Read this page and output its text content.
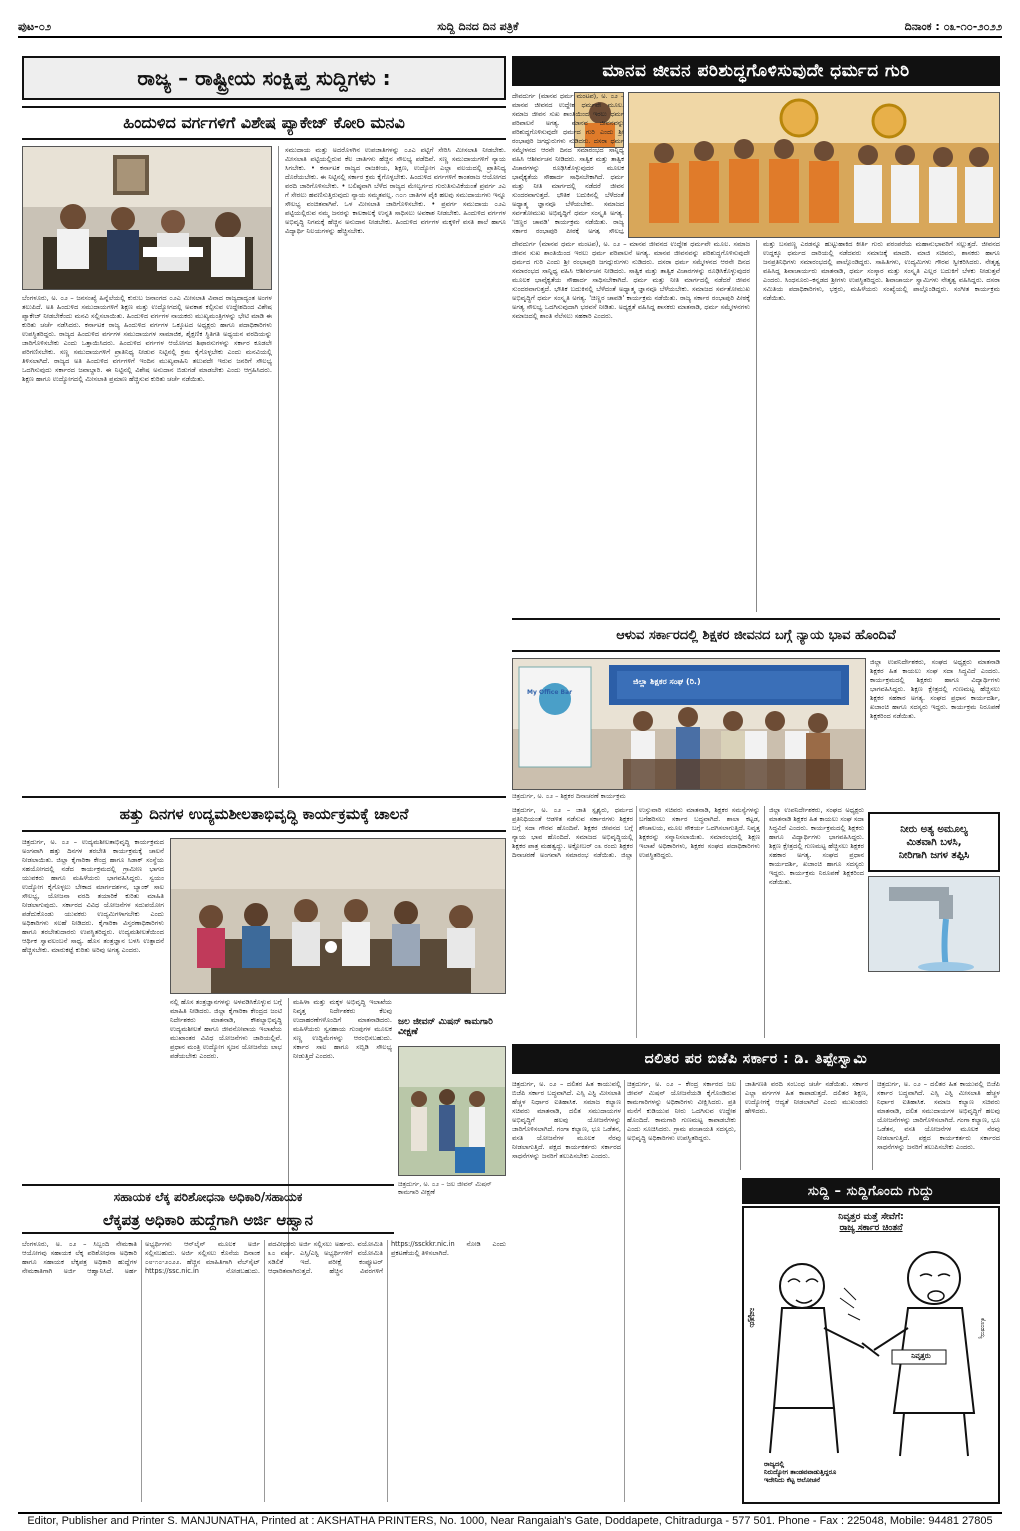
ಪುಟ-೦೨	ಸುದ್ದಿ ದಿನದ ದಿನ ಪತ್ರಿಕೆ	ದಿನಾಂಕ : ೦೩-೧೦-೨೦೨೨
ರಾಜ್ಯ – ರಾಷ್ಟ್ರೀಯ ಸಂಕ್ಷಿಪ್ತ ಸುದ್ದಿಗಳು :	ಮಾನವ ಜೀವನ ಪರಿಶುದ್ಧಗೊಳಿಸುವುದೇ ಧರ್ಮದ ಗುರಿ
ಹಿಂದುಳಿದ ವರ್ಗಗಳಿಗೆ ವಿಶೇಷ ಪ್ಯಾಕೇಜ್ ಕೋರಿ ಮನವಿ

ಬೆಂಗಳೂರು, ಅ. ೦೨ – ಜನಸಂಖ್ಯೆ ಹಿನ್ನೆಲೆಯಲ್ಲಿ ಕುರುಬ ಜನಾಂಗದ ೦೨ಎ ಮೀಸಲಾತಿ ವಿವಾದ ರಾಜ್ಯದಾದ್ಯಂತ ಅಂಗಳ ತಲುಪಿದೆ. ಅತಿ ಹಿಂದುಳಿದ ಸಮುದಾಯಗಳಿಗೆ ಶಿಕ್ಷಣ ಮತ್ತು ಉದ್ಯೋಗದಲ್ಲಿ ಅವಕಾಶ ಕಲ್ಪಿಸುವ ಉದ್ದೇಶದಿಂದ ವಿಶೇಷ ಪ್ಯಾಕೇಜ್ ನೀಡಬೇಕೆಂದು ಮನವಿ ಸಲ್ಲಿಸಲಾಯಿತು. ಹಿಂದುಳಿದ ವರ್ಗಗಳ ನಾಯಕರು ಮುಖ್ಯಮಂತ್ರಿಗಳನ್ನು ಭೇಟಿ ಮಾಡಿ ಈ ಕುರಿತು ಚರ್ಚೆ ನಡೆಸಿದರು. ಕರ್ನಾಟಕ ರಾಜ್ಯ ಹಿಂದುಳಿದ ವರ್ಗಗಳ ಒಕ್ಕೂಟದ ಅಧ್ಯಕ್ಷರು ಹಾಗೂ ಪದಾಧಿಕಾರಿಗಳು ಉಪಸ್ಥಿತರಿದ್ದರು. ರಾಜ್ಯದ ಹಿಂದುಳಿದ ವರ್ಗಗಳ ಸಮುದಾಯಗಳ ಸಾಮಾಜಿಕ, ಶೈಕ್ಷಣಿಕ ಸ್ಥಿತಿಗತಿ ಅಧ್ಯಯನ ವರದಿಯನ್ನು ಜಾರಿಗೊಳಿಸಬೇಕು ಎಂದು ಒತ್ತಾಯಿಸಿದರು. ಹಿಂದುಳಿದ ವರ್ಗಗಳ ಆಯೋಗದ ಶಿಫಾರಸುಗಳನ್ನು ಸರ್ಕಾರ ಕೂಡಲೇ ಪರಿಗಣಿಸಬೇಕು. ಸಣ್ಣ ಸಮುದಾಯಗಳಿಗೆ ಪ್ರಾತಿನಿಧ್ಯ ನೀಡುವ ನಿಟ್ಟಿನಲ್ಲಿ ಕ್ರಮ ಕೈಗೊಳ್ಳಬೇಕು ಎಂದು ಮನವಿಯಲ್ಲಿ ತಿಳಿಸಲಾಗಿದೆ. ರಾಜ್ಯದ ಅತಿ ಹಿಂದುಳಿದ ವರ್ಗಗಳಿಗೆ ಇಂದಿನ ಮುಖ್ಯವಾಹಿನಿ ತಲುಪದೇ ಇರುವ ಜನರಿಗೆ ಸೌಲಭ್ಯ ಒದಗಿಸುವುದು ಸರ್ಕಾರದ ಜವಾಬ್ದಾರಿ. ಈ ನಿಟ್ಟಿನಲ್ಲಿ ವಿಶೇಷ ಅನುದಾನ ಬಿಡುಗಡೆ ಮಾಡಬೇಕು ಎಂದು ಆಗ್ರಹಿಸಿದರು. ಶಿಕ್ಷಣ ಹಾಗೂ ಉದ್ಯೋಗದಲ್ಲಿ ಮೀಸಲಾತಿ ಪ್ರಮಾಣ ಹೆಚ್ಚಿಸುವ ಕುರಿತು ಚರ್ಚೆ ನಡೆಯಿತು.

ಸಮುದಾಯ ಮತ್ತು ಅದರೊಳಗಿನ ಉಪಜಾತಿಗಳನ್ನು ೦೨ಎ ಪಟ್ಟಿಗೆ ಸೇರಿಸಿ ಮೀಸಲಾತಿ ನೀಡಬೇಕು. ಮೀಸಲಾತಿ ಪಟ್ಟಿಯಲ್ಲಿರುವ ಕೆಲ ಜಾತಿಗಳು ಹೆಚ್ಚಿನ ಸೌಲಭ್ಯ ಪಡೆದಿವೆ. ಸಣ್ಣ ಸಮುದಾಯಗಳಿಗೆ ನ್ಯಾಯ ಸಿಗಬೇಕು. • ಕರ್ನಾಟಕ ರಾಜ್ಯದ ರಾಜಕೀಯ, ಶಿಕ್ಷಣ, ಉದ್ಯೋಗ ಎಲ್ಲಾ ವಲಯದಲ್ಲಿ ಪ್ರಾತಿನಿಧ್ಯ ದೊರೆಯಬೇಕು. ಈ ನಿಟ್ಟಿನಲ್ಲಿ ಸರ್ಕಾರ ಕ್ರಮ ಕೈಗೊಳ್ಳಬೇಕು. ಹಿಂದುಳಿದ ವರ್ಗಗಳಿಗೆ ಕಾಂತರಾಜ ಆಯೋಗದ ವರದಿ ಜಾರಿಗೊಳಿಸಬೇಕು. • ಬಲಿಷ್ಠವಾಗಿ ಬೆಳೆದ ರಾಜ್ಯದ ಮೇಲ್ವರ್ಗದ ಗುರುತಿಸುವಿಕೆಯಂತೆ ಪ್ರವರ್ಗ ೨ಎ ಗೆ ಸೇರಲು ಹವಣಿಸುತ್ತಿರುವುದು ನ್ಯಾಯ ಸಮ್ಮತವಲ್ಲ. ೧೦೧ ಜಾತಿಗಳ ಪೈಕಿ ಹಲವು ಸಮುದಾಯಗಳು ಇನ್ನೂ ಸೌಲಭ್ಯ ವಂಚಿತವಾಗಿವೆ. ಒಳ ಮೀಸಲಾತಿ ಜಾರಿಗೊಳಿಸಬೇಕು. • ಪ್ರವರ್ಗ ಸಮುದಾಯ ೦೨ಎ ಪಟ್ಟಿಯಲ್ಲಿರುವ ನಮ್ಮ ಜನರನ್ನು ಕಾಲಕಾಲಕ್ಕೆ ಉನ್ನತಿ ಸಾಧಿಸಲು ಅವಕಾಶ ನೀಡಬೇಕು. ಹಿಂದುಳಿದ ವರ್ಗಗಳ ಅಭಿವೃದ್ಧಿ ನಿಗಮಕ್ಕೆ ಹೆಚ್ಚಿನ ಅನುದಾನ ನೀಡಬೇಕು. ಹಿಂದುಳಿದ ವರ್ಗಗಳ ಮಕ್ಕಳಿಗೆ ವಸತಿ ಶಾಲೆ ಹಾಗೂ ವಿದ್ಯಾರ್ಥಿ ನಿಲಯಗಳನ್ನು ಹೆಚ್ಚಿಸಬೇಕು.

ಹತ್ತು ದಿನಗಳ ಉದ್ಯಮಶೀಲತಾಭಿವೃದ್ಧಿ ಕಾರ್ಯಕ್ರಮಕ್ಕೆ ಚಾಲನೆ

ಚಿತ್ರದುರ್ಗ, ಅ. ೦೨ – ಉದ್ಯಮಶೀಲತಾಭಿವೃದ್ಧಿ ಕಾರ್ಯಕ್ರಮದ ಅಂಗವಾಗಿ ಹತ್ತು ದಿನಗಳ ತರಬೇತಿ ಕಾರ್ಯಕ್ರಮಕ್ಕೆ ಚಾಲನೆ ನೀಡಲಾಯಿತು. ಜಿಲ್ಲಾ ಕೈಗಾರಿಕಾ ಕೇಂದ್ರ ಹಾಗೂ ಸಿಡಾಕ್ ಸಂಸ್ಥೆಯ ಸಹಯೋಗದಲ್ಲಿ ನಡೆದ ಕಾರ್ಯಕ್ರಮದಲ್ಲಿ ಗ್ರಾಮೀಣ ಭಾಗದ ಯುವಕರು ಹಾಗೂ ಮಹಿಳೆಯರು ಭಾಗವಹಿಸಿದ್ದರು. ಸ್ವಯಂ ಉದ್ಯೋಗ ಕೈಗೊಳ್ಳಲು ಬೇಕಾದ ಮಾರ್ಗದರ್ಶನ, ಬ್ಯಾಂಕ್ ಸಾಲ ಸೌಲಭ್ಯ, ಯೋಜನಾ ವರದಿ ತಯಾರಿಕೆ ಕುರಿತು ಮಾಹಿತಿ ನೀಡಲಾಗುವುದು. ಸರ್ಕಾರದ ವಿವಿಧ ಯೋಜನೆಗಳ ಸದುಪಯೋಗ ಪಡೆದುಕೊಂಡು ಯುವಕರು ಉದ್ಯಮಿಗಳಾಗಬೇಕು ಎಂದು ಅಧಿಕಾರಿಗಳು ಸಲಹೆ ನೀಡಿದರು. ಕೈಗಾರಿಕಾ ವಿಸ್ತರಣಾಧಿಕಾರಿಗಳು ಹಾಗೂ ತರಬೇತುದಾರರು ಉಪಸ್ಥಿತರಿದ್ದರು. ಉದ್ಯಮಶೀಲತೆಯಿಂದ ಆರ್ಥಿಕ ಸ್ವಾವಲಂಬನೆ ಸಾಧ್ಯ. ಹೊಸ ತಂತ್ರಜ್ಞಾನ ಬಳಸಿ ಉತ್ಪಾದನೆ ಹೆಚ್ಚಿಸಬೇಕು. ಮಾರುಕಟ್ಟೆ ಕುರಿತು ಅರಿವು ಅಗತ್ಯ ಎಂದರು.

ನಲ್ಲಿ ಹೊಸ ತಂತ್ರಜ್ಞಾನಗಳನ್ನು ಅಳವಡಿಸಿಕೊಳ್ಳುವ ಬಗ್ಗೆ ಮಾಹಿತಿ ನೀಡಿದರು. ಜಿಲ್ಲಾ ಕೈಗಾರಿಕಾ ಕೇಂದ್ರದ ಜಂಟಿ ನಿರ್ದೇಶಕರು ಮಾತನಾಡಿ, ಕೌಶಲ್ಯಾಭಿವೃದ್ಧಿ ಉದ್ಯಮಶೀಲತೆ ಹಾಗೂ ಜೀವನೋಪಾಯ ಇಲಾಖೆಯ ಮುಖಾಂತರ ವಿವಿಧ ಯೋಜನೆಗಳು ಜಾರಿಯಲ್ಲಿವೆ. ಪ್ರಧಾನ ಮಂತ್ರಿ ಉದ್ಯೋಗ ಸೃಜನ ಯೋಜನೆಯ ಲಾಭ ಪಡೆಯಬೇಕು ಎಂದರು.

ಮಹಿಳಾ ಮತ್ತು ಮಕ್ಕಳ ಅಭಿವೃದ್ಧಿ ಇಲಾಖೆಯ ನಿವೃತ್ತ ನಿರ್ದೇಶಕರು ಕೆಲವು ಉದಾಹರಣೆಗಳೊಂದಿಗೆ ಮಾತನಾಡಿದರು. ಮಹಿಳೆಯರು ಸ್ವಸಹಾಯ ಗುಂಪುಗಳ ಮೂಲಕ ಸಣ್ಣ ಉದ್ದಿಮೆಗಳನ್ನು ಆರಂಭಿಸಬಹುದು. ಸರ್ಕಾರ ಸಾಲ ಹಾಗೂ ಸಬ್ಸಿಡಿ ಸೌಲಭ್ಯ ನೀಡುತ್ತಿದೆ ಎಂದರು.

ಜಲ ಜೀವನ್ ಮಿಷನ್ ಕಾಮಗಾರಿ ವೀಕ್ಷಣೆ
ಚಿತ್ರದುರ್ಗ, ಅ. ೦೨ – ಜಲ ಜೀವನ್ ಮಿಷನ್ ಕಾಮಗಾರಿ ವೀಕ್ಷಣೆ
ಸಹಾಯಕ ಲೆಕ್ಕ ಪರಿಶೋಧನಾ ಅಧಿಕಾರಿ/ಸಹಾಯಕ
ಲೆಕ್ಕಪತ್ರ ಅಧಿಕಾರಿ ಹುದ್ದೆಗಾಗಿ ಅರ್ಜಿ ಆಹ್ವಾನ

ಬೆಂಗಳೂರು, ಅ. ೦೨ – ಸಿಬ್ಬಂದಿ ನೇಮಕಾತಿ ಆಯೋಗವು ಸಹಾಯಕ ಲೆಕ್ಕ ಪರಿಶೋಧನಾ ಅಧಿಕಾರಿ ಹಾಗೂ ಸಹಾಯಕ ಲೆಕ್ಕಪತ್ರ ಅಧಿಕಾರಿ ಹುದ್ದೆಗಳ ನೇಮಕಾತಿಗಾಗಿ ಅರ್ಜಿ ಆಹ್ವಾನಿಸಿದೆ. ಅರ್ಹ ಅಭ್ಯರ್ಥಿಗಳು ಆನ್‌ಲೈನ್ ಮೂಲಕ ಅರ್ಜಿ ಸಲ್ಲಿಸಬಹುದು. ಅರ್ಜಿ ಸಲ್ಲಿಸಲು ಕೊನೆಯ ದಿನಾಂಕ ೦೮-೧೦-೨೦೨೨. ಹೆಚ್ಚಿನ ಮಾಹಿತಿಗಾಗಿ ವೆಬ್‌ಸೈಟ್ https://ssc.nic.in ನೋಡಬಹುದು. ಪದವೀಧರರು ಅರ್ಜಿ ಸಲ್ಲಿಸಲು ಅರ್ಹರು. ವಯೋಮಿತಿ ೩೦ ವರ್ಷ. ಎಸ್ಸಿ/ಎಸ್ಟಿ ಅಭ್ಯರ್ಥಿಗಳಿಗೆ ವಯೋಮಿತಿ ಸಡಿಲಿಕೆ ಇದೆ. ಪರೀಕ್ಷೆ ಕಂಪ್ಯೂಟರ್ ಆಧಾರಿತವಾಗಿರುತ್ತದೆ. ಹೆಚ್ಚಿನ ವಿವರಗಳಿಗೆ https://ssckkr.nic.in ನೋಡಿ ಎಂದು ಪ್ರಕಟಣೆಯಲ್ಲಿ ತಿಳಿಸಲಾಗಿದೆ.

ದೇವದುರ್ಗ (ಮಾನವ ಧರ್ಮ ಮಂಟಪ), ಅ. ೦೨ – ಮಾನವ ಜೀವನದ ಉದ್ದೇಶ ಧರ್ಮವೇ ಮೂಲ. ಸಮಾಜ ಜೀವನ ಸುಖ ಶಾಂತಿಯಿಂದ ಇರಲು ಧರ್ಮ ಪರಿಪಾಲನೆ ಅಗತ್ಯ. ಮಾನವ ಜೀವನವನ್ನು ಪರಿಶುದ್ಧಗೊಳಿಸುವುದೇ ಧರ್ಮದ ಗುರಿ ಎಂದು ಶ್ರೀ ರಂಭಾಪುರಿ ಜಗದ್ಗುರುಗಳು ನುಡಿದರು. ದಸರಾ ಧರ್ಮ ಸಮ್ಮೇಳನದ ಆರನೇ ದಿನದ ಸಮಾರಂಭದ ಸಾನ್ನಿಧ್ಯ ವಹಿಸಿ ಆಶೀರ್ವಚನ ನೀಡಿದರು. ಸಾತ್ವಿಕ ಮತ್ತು ತಾತ್ವಿಕ ವಿಚಾರಗಳನ್ನು ರೂಢಿಸಿಕೊಳ್ಳುವುದರ ಮೂಲಕ ಭಾವೈಕ್ಯತೆಯ ಸೌಹಾರ್ದ ಸಾಧಿಸಬೇಕಾಗಿದೆ. ಧರ್ಮ ಮತ್ತು ನೀತಿ ಮಾರ್ಗದಲ್ಲಿ ನಡೆದರೆ ಜೀವನ ಸುಂದರವಾಗುತ್ತದೆ. ಭೌತಿಕ ಬದುಕಿನಲ್ಲಿ ಬೆಳೆದಂತೆ ಅಧ್ಯಾತ್ಮ ಜ್ಞಾನವೂ ಬೆಳೆಯಬೇಕು. ಸಮಾಜದ ಸರ್ವತೋಮುಖ ಅಭಿವೃದ್ಧಿಗೆ ಧರ್ಮ ಸಂಸ್ಕೃತಿ ಅಗತ್ಯ. 'ಚಿಣ್ಣರ ಚಾವಡಿ' ಕಾರ್ಯಕ್ರಮ ನಡೆಯಿತು. ರಾಜ್ಯ ಸರ್ಕಾರ ರಂಭಾಪುರಿ ಪೀಠಕ್ಕೆ ಅಗತ್ಯ ಸೌಲಭ್ಯ

ದೇವದುರ್ಗ (ಮಾನವ ಧರ್ಮ ಮಂಟಪ), ಅ. ೦೨ – ಮಾನವ ಜೀವನದ ಉದ್ದೇಶ ಧರ್ಮವೇ ಮೂಲ. ಸಮಾಜ ಜೀವನ ಸುಖ ಶಾಂತಿಯಿಂದ ಇರಲು ಧರ್ಮ ಪರಿಪಾಲನೆ ಅಗತ್ಯ. ಮಾನವ ಜೀವನವನ್ನು ಪರಿಶುದ್ಧಗೊಳಿಸುವುದೇ ಧರ್ಮದ ಗುರಿ ಎಂದು ಶ್ರೀ ರಂಭಾಪುರಿ ಜಗದ್ಗುರುಗಳು ನುಡಿದರು. ದಸರಾ ಧರ್ಮ ಸಮ್ಮೇಳನದ ಆರನೇ ದಿನದ ಸಮಾರಂಭದ ಸಾನ್ನಿಧ್ಯ ವಹಿಸಿ ಆಶೀರ್ವಚನ ನೀಡಿದರು. ಸಾತ್ವಿಕ ಮತ್ತು ತಾತ್ವಿಕ ವಿಚಾರಗಳನ್ನು ರೂಢಿಸಿಕೊಳ್ಳುವುದರ ಮೂಲಕ ಭಾವೈಕ್ಯತೆಯ ಸೌಹಾರ್ದ ಸಾಧಿಸಬೇಕಾಗಿದೆ. ಧರ್ಮ ಮತ್ತು ನೀತಿ ಮಾರ್ಗದಲ್ಲಿ ನಡೆದರೆ ಜೀವನ ಸುಂದರವಾಗುತ್ತದೆ. ಭೌತಿಕ ಬದುಕಿನಲ್ಲಿ ಬೆಳೆದಂತೆ ಅಧ್ಯಾತ್ಮ ಜ್ಞಾನವೂ ಬೆಳೆಯಬೇಕು. ಸಮಾಜದ ಸರ್ವತೋಮುಖ ಅಭಿವೃದ್ಧಿಗೆ ಧರ್ಮ ಸಂಸ್ಕೃತಿ ಅಗತ್ಯ. 'ಚಿಣ್ಣರ ಚಾವಡಿ' ಕಾರ್ಯಕ್ರಮ ನಡೆಯಿತು. ರಾಜ್ಯ ಸರ್ಕಾರ ರಂಭಾಪುರಿ ಪೀಠಕ್ಕೆ ಅಗತ್ಯ ಸೌಲಭ್ಯ ಒದಗಿಸುವುದಾಗಿ ಭರವಸೆ ನೀಡಿತು. ಅಧ್ಯಕ್ಷತೆ ವಹಿಸಿದ್ದ ಶಾಸಕರು ಮಾತನಾಡಿ, ಧರ್ಮ ಸಮ್ಮೇಳನಗಳು ಸಮಾಜದಲ್ಲಿ ಶಾಂತಿ ನೆಲೆಸಲು ಸಹಕಾರಿ ಎಂದರು.

ಮತ್ತು ಬಸವಣ್ಣ ಎರಡನ್ನೂ ಹುಟ್ಟುಹಾಕಿದ ಕೀರ್ತಿ ಗುರು ಪರಂಪರೆಯ ಮಹಾನುಭಾವರಿಗೆ ಸಲ್ಲುತ್ತದೆ. ಜೀವನದ ಉದ್ದಕ್ಕೂ ಧರ್ಮದ ದಾರಿಯಲ್ಲಿ ನಡೆದವರು ಸಮಾಜಕ್ಕೆ ಮಾದರಿ. ಮಾಜಿ ಸಚಿವರು, ಶಾಸಕರು ಹಾಗೂ ಜನಪ್ರತಿನಿಧಿಗಳು ಸಮಾರಂಭದಲ್ಲಿ ಪಾಲ್ಗೊಂಡಿದ್ದರು. ಸಾಹಿತಿಗಳು, ಉದ್ಯಮಿಗಳು ಗೌರವ ಸ್ವೀಕರಿಸಿದರು. ನೇತೃತ್ವ ವಹಿಸಿದ್ದ ಶಿವಾಚಾರ್ಯರು ಮಾತನಾಡಿ, ಧರ್ಮ ಸಂಸ್ಕಾರ ಮತ್ತು ಸಂಸ್ಕೃತಿ ಎಲ್ಲರ ಬದುಕಿಗೆ ಬೆಳಕು ನೀಡುತ್ತವೆ ಎಂದರು. ಸಿಂಧನೂರು–ಕನ್ನಡದ ಶ್ರೀಗಳು ಉಪಸ್ಥಿತರಿದ್ದರು. ಶಿವಾಚಾರ್ಯ ಸ್ವಾಮಿಗಳು ನೇತೃತ್ವ ವಹಿಸಿದ್ದರು. ದಸರಾ ಸಮಿತಿಯ ಪದಾಧಿಕಾರಿಗಳು, ಭಕ್ತರು, ಮಹಿಳೆಯರು ಸಂಖ್ಯೆಯಲ್ಲಿ ಪಾಲ್ಗೊಂಡಿದ್ದರು. ಸಂಗೀತ ಕಾರ್ಯಕ್ರಮ ನಡೆಯಿತು.

ಆಳುವ ಸರ್ಕಾರದಲ್ಲಿ ಶಿಕ್ಷಕರ ಜೀವನದ ಬಗ್ಗೆ ನ್ಯಾಯ ಭಾವ ಹೊಂದಿವೆ
My Office Bar
ಜಿಲ್ಲಾ ಶಿಕ್ಷಕರ ಸಂಘ (ರಿ.)
ಚಿತ್ರದುರ್ಗ, ಅ. ೦೨ – ಶಿಕ್ಷಕರ ದಿನಾಚರಣೆ ಕಾರ್ಯಕ್ರಮ

ಜಿಲ್ಲಾ ಉಪನಿರ್ದೇಶಕರು, ಸಂಘದ ಅಧ್ಯಕ್ಷರು ಮಾತನಾಡಿ ಶಿಕ್ಷಕರ ಹಿತ ಕಾಯಲು ಸಂಘ ಸದಾ ಸಿದ್ಧವಿದೆ ಎಂದರು. ಕಾರ್ಯಕ್ರಮದಲ್ಲಿ ಶಿಕ್ಷಕರು ಹಾಗೂ ವಿದ್ಯಾರ್ಥಿಗಳು ಭಾಗವಹಿಸಿದ್ದರು. ಶಿಕ್ಷಣ ಕ್ಷೇತ್ರದಲ್ಲಿ ಗುಣಮಟ್ಟ ಹೆಚ್ಚಿಸಲು ಶಿಕ್ಷಕರ ಸಹಕಾರ ಅಗತ್ಯ. ಸಂಘದ ಪ್ರಧಾನ ಕಾರ್ಯದರ್ಶಿ, ಖಜಾಂಚಿ ಹಾಗೂ ಸದಸ್ಯರು ಇದ್ದರು. ಕಾರ್ಯಕ್ರಮ ನಿರೂಪಣೆ ಶಿಕ್ಷಕರಿಂದ ನಡೆಯಿತು.

ಚಿತ್ರದುರ್ಗ, ಅ. ೦೨ – ಜಾತಿ ಸ್ಪೃಶ್ಯರು, ಧರ್ಮದ ಪ್ರತಿನಿಧಿಯಂತೆ ಆಡಳಿತ ನಡೆಸುವ ಸರ್ಕಾರಗಳು ಶಿಕ್ಷಕರ ಬಗ್ಗೆ ಸದಾ ಗೌರವ ಹೊಂದಿವೆ. ಶಿಕ್ಷಕರ ಜೀವನದ ಬಗ್ಗೆ ನ್ಯಾಯ ಭಾವ ಹೊಂದಿದೆ. ಸಮಾಜದ ಅಭಿವೃದ್ಧಿಯಲ್ಲಿ ಶಿಕ್ಷಕರ ಪಾತ್ರ ಮಹತ್ವದ್ದು. ಅಕ್ಟೋಬರ್ ೦೩ ರಂದು ಶಿಕ್ಷಕರ ದಿನಾಚರಣೆ ಅಂಗವಾಗಿ ಸಮಾರಂಭ ನಡೆಯಿತು. ಜಿಲ್ಲಾ ಉಸ್ತುವಾರಿ ಸಚಿವರು ಮಾತನಾಡಿ, ಶಿಕ್ಷಕರ ಸಮಸ್ಯೆಗಳನ್ನು ಬಗೆಹರಿಸಲು ಸರ್ಕಾರ ಬದ್ಧವಾಗಿದೆ. ಶಾಲಾ ಕಟ್ಟಡ, ಶೌಚಾಲಯ, ಮೂಲ ಸೌಕರ್ಯ ಒದಗಿಸಲಾಗುತ್ತಿದೆ. ನಿವೃತ್ತ ಶಿಕ್ಷಕರನ್ನು ಸನ್ಮಾನಿಸಲಾಯಿತು. ಸಮಾರಂಭದಲ್ಲಿ ಶಿಕ್ಷಣ ಇಲಾಖೆ ಅಧಿಕಾರಿಗಳು, ಶಿಕ್ಷಕರ ಸಂಘದ ಪದಾಧಿಕಾರಿಗಳು ಉಪಸ್ಥಿತರಿದ್ದರು.

ಜಿಲ್ಲಾ ಉಪನಿರ್ದೇಶಕರು, ಸಂಘದ ಅಧ್ಯಕ್ಷರು ಮಾತನಾಡಿ ಶಿಕ್ಷಕರ ಹಿತ ಕಾಯಲು ಸಂಘ ಸದಾ ಸಿದ್ಧವಿದೆ ಎಂದರು. ಕಾರ್ಯಕ್ರಮದಲ್ಲಿ ಶಿಕ್ಷಕರು ಹಾಗೂ ವಿದ್ಯಾರ್ಥಿಗಳು ಭಾಗವಹಿಸಿದ್ದರು. ಶಿಕ್ಷಣ ಕ್ಷೇತ್ರದಲ್ಲಿ ಗುಣಮಟ್ಟ ಹೆಚ್ಚಿಸಲು ಶಿಕ್ಷಕರ ಸಹಕಾರ ಅಗತ್ಯ. ಸಂಘದ ಪ್ರಧಾನ ಕಾರ್ಯದರ್ಶಿ, ಖಜಾಂಚಿ ಹಾಗೂ ಸದಸ್ಯರು ಇದ್ದರು. ಕಾರ್ಯಕ್ರಮ ನಿರೂಪಣೆ ಶಿಕ್ಷಕರಿಂದ ನಡೆಯಿತು.

ನೀರು ಅತ್ಯ ಅಮೂಲ್ಯ
ಮಿತವಾಗಿ ಬಳಸಿ,
ನೀರಿಗಾಗಿ ಜಗಳ ತಪ್ಪಿಸಿ
ದಲಿತರ ಪರ ಬಿಜೆಪಿ ಸರ್ಕಾರ : ಡಿ. ತಿಪ್ಪೇಸ್ವಾಮಿ

ಚಿತ್ರದುರ್ಗ, ಅ. ೦೨ – ದಲಿತರ ಹಿತ ಕಾಯುವಲ್ಲಿ ಬಿಜೆಪಿ ಸರ್ಕಾರ ಬದ್ಧವಾಗಿದೆ. ಎಸ್ಸಿ ಎಸ್ಟಿ ಮೀಸಲಾತಿ ಹೆಚ್ಚಳ ನಿರ್ಧಾರ ಐತಿಹಾಸಿಕ. ಸಮಾಜ ಕಲ್ಯಾಣ ಸಚಿವರು ಮಾತನಾಡಿ, ದಲಿತ ಸಮುದಾಯಗಳ ಅಭಿವೃದ್ಧಿಗೆ ಹಲವು ಯೋಜನೆಗಳನ್ನು ಜಾರಿಗೊಳಿಸಲಾಗಿದೆ. ಗಂಗಾ ಕಲ್ಯಾಣ, ಭೂ ಒಡೆತನ, ವಸತಿ ಯೋಜನೆಗಳ ಮೂಲಕ ನೆರವು ನೀಡಲಾಗುತ್ತಿದೆ. ಪಕ್ಷದ ಕಾರ್ಯಕರ್ತರು ಸರ್ಕಾರದ ಸಾಧನೆಗಳನ್ನು ಜನರಿಗೆ ತಲುಪಿಸಬೇಕು ಎಂದರು.

ಚಿತ್ರದುರ್ಗ, ಅ. ೦೨ – ಕೇಂದ್ರ ಸರ್ಕಾರದ ಜಲ ಜೀವನ್ ಮಿಷನ್ ಯೋಜನೆಯಡಿ ಕೈಗೊಂಡಿರುವ ಕಾಮಗಾರಿಗಳನ್ನು ಅಧಿಕಾರಿಗಳು ವೀಕ್ಷಿಸಿದರು. ಪ್ರತಿ ಮನೆಗೆ ಕುಡಿಯುವ ನೀರು ಒದಗಿಸುವ ಉದ್ದೇಶ ಹೊಂದಿದೆ. ಕಾಮಗಾರಿ ಗುಣಮಟ್ಟ ಕಾಪಾಡಬೇಕು ಎಂದು ಸೂಚಿಸಿದರು. ಗ್ರಾಮ ಪಂಚಾಯತಿ ಸದಸ್ಯರು, ಅಭಿವೃದ್ಧಿ ಅಧಿಕಾರಿಗಳು ಉಪಸ್ಥಿತರಿದ್ದರು.

ಜಾತಿಗಣತಿ ವರದಿ ಸಂಬಂಧ ಚರ್ಚೆ ನಡೆಯಿತು. ಸರ್ಕಾರ ಎಲ್ಲಾ ವರ್ಗಗಳ ಹಿತ ಕಾಪಾಡುತ್ತದೆ. ದಲಿತರ ಶಿಕ್ಷಣ, ಉದ್ಯೋಗಕ್ಕೆ ಆದ್ಯತೆ ನೀಡಲಾಗಿದೆ ಎಂದು ಮುಖಂಡರು ಹೇಳಿದರು.

ಚಿತ್ರದುರ್ಗ, ಅ. ೦೨ – ದಲಿತರ ಹಿತ ಕಾಯುವಲ್ಲಿ ಬಿಜೆಪಿ ಸರ್ಕಾರ ಬದ್ಧವಾಗಿದೆ. ಎಸ್ಸಿ ಎಸ್ಟಿ ಮೀಸಲಾತಿ ಹೆಚ್ಚಳ ನಿರ್ಧಾರ ಐತಿಹಾಸಿಕ. ಸಮಾಜ ಕಲ್ಯಾಣ ಸಚಿವರು ಮಾತನಾಡಿ, ದಲಿತ ಸಮುದಾಯಗಳ ಅಭಿವೃದ್ಧಿಗೆ ಹಲವು ಯೋಜನೆಗಳನ್ನು ಜಾರಿಗೊಳಿಸಲಾಗಿದೆ. ಗಂಗಾ ಕಲ್ಯಾಣ, ಭೂ ಒಡೆತನ, ವಸತಿ ಯೋಜನೆಗಳ ಮೂಲಕ ನೆರವು ನೀಡಲಾಗುತ್ತಿದೆ. ಪಕ್ಷದ ಕಾರ್ಯಕರ್ತರು ಸರ್ಕಾರದ ಸಾಧನೆಗಳನ್ನು ಜನರಿಗೆ ತಲುಪಿಸಬೇಕು ಎಂದರು.

ಸುದ್ದಿ – ಸುದ್ದಿಗೊಂದು ಗುದ್ದು
ನಿವೃತ್ತರ ಮತ್ತೆ ಸೇವೆಗೆ:
ರಾಜ್ಯ ಸರ್ಕಾರ ಚಿಂತನೆ
ನಿವೃತ್ತರು
ನಿವೃತ್ತರು
ಕೊಂಡಯ್ಯ
ರಾಜ್ಯದಲ್ಲಿ
ನಿರುದ್ಯೋಗ ತಾಂಡವವಾಡುತ್ತಿದ್ದರೂ
ಇದೇನಿದು ಕೆಟ್ಟ ಆಲೋಚನೆ
Editor, Publisher and Printer S. MANJUNATHA, Printed at : AKSHATHA PRINTERS, No. 1000, Near Rangaiah's Gate, Doddapete, Chitradurga - 577 501. Phone - Fax : 225048, Mobile: 94481 27805
